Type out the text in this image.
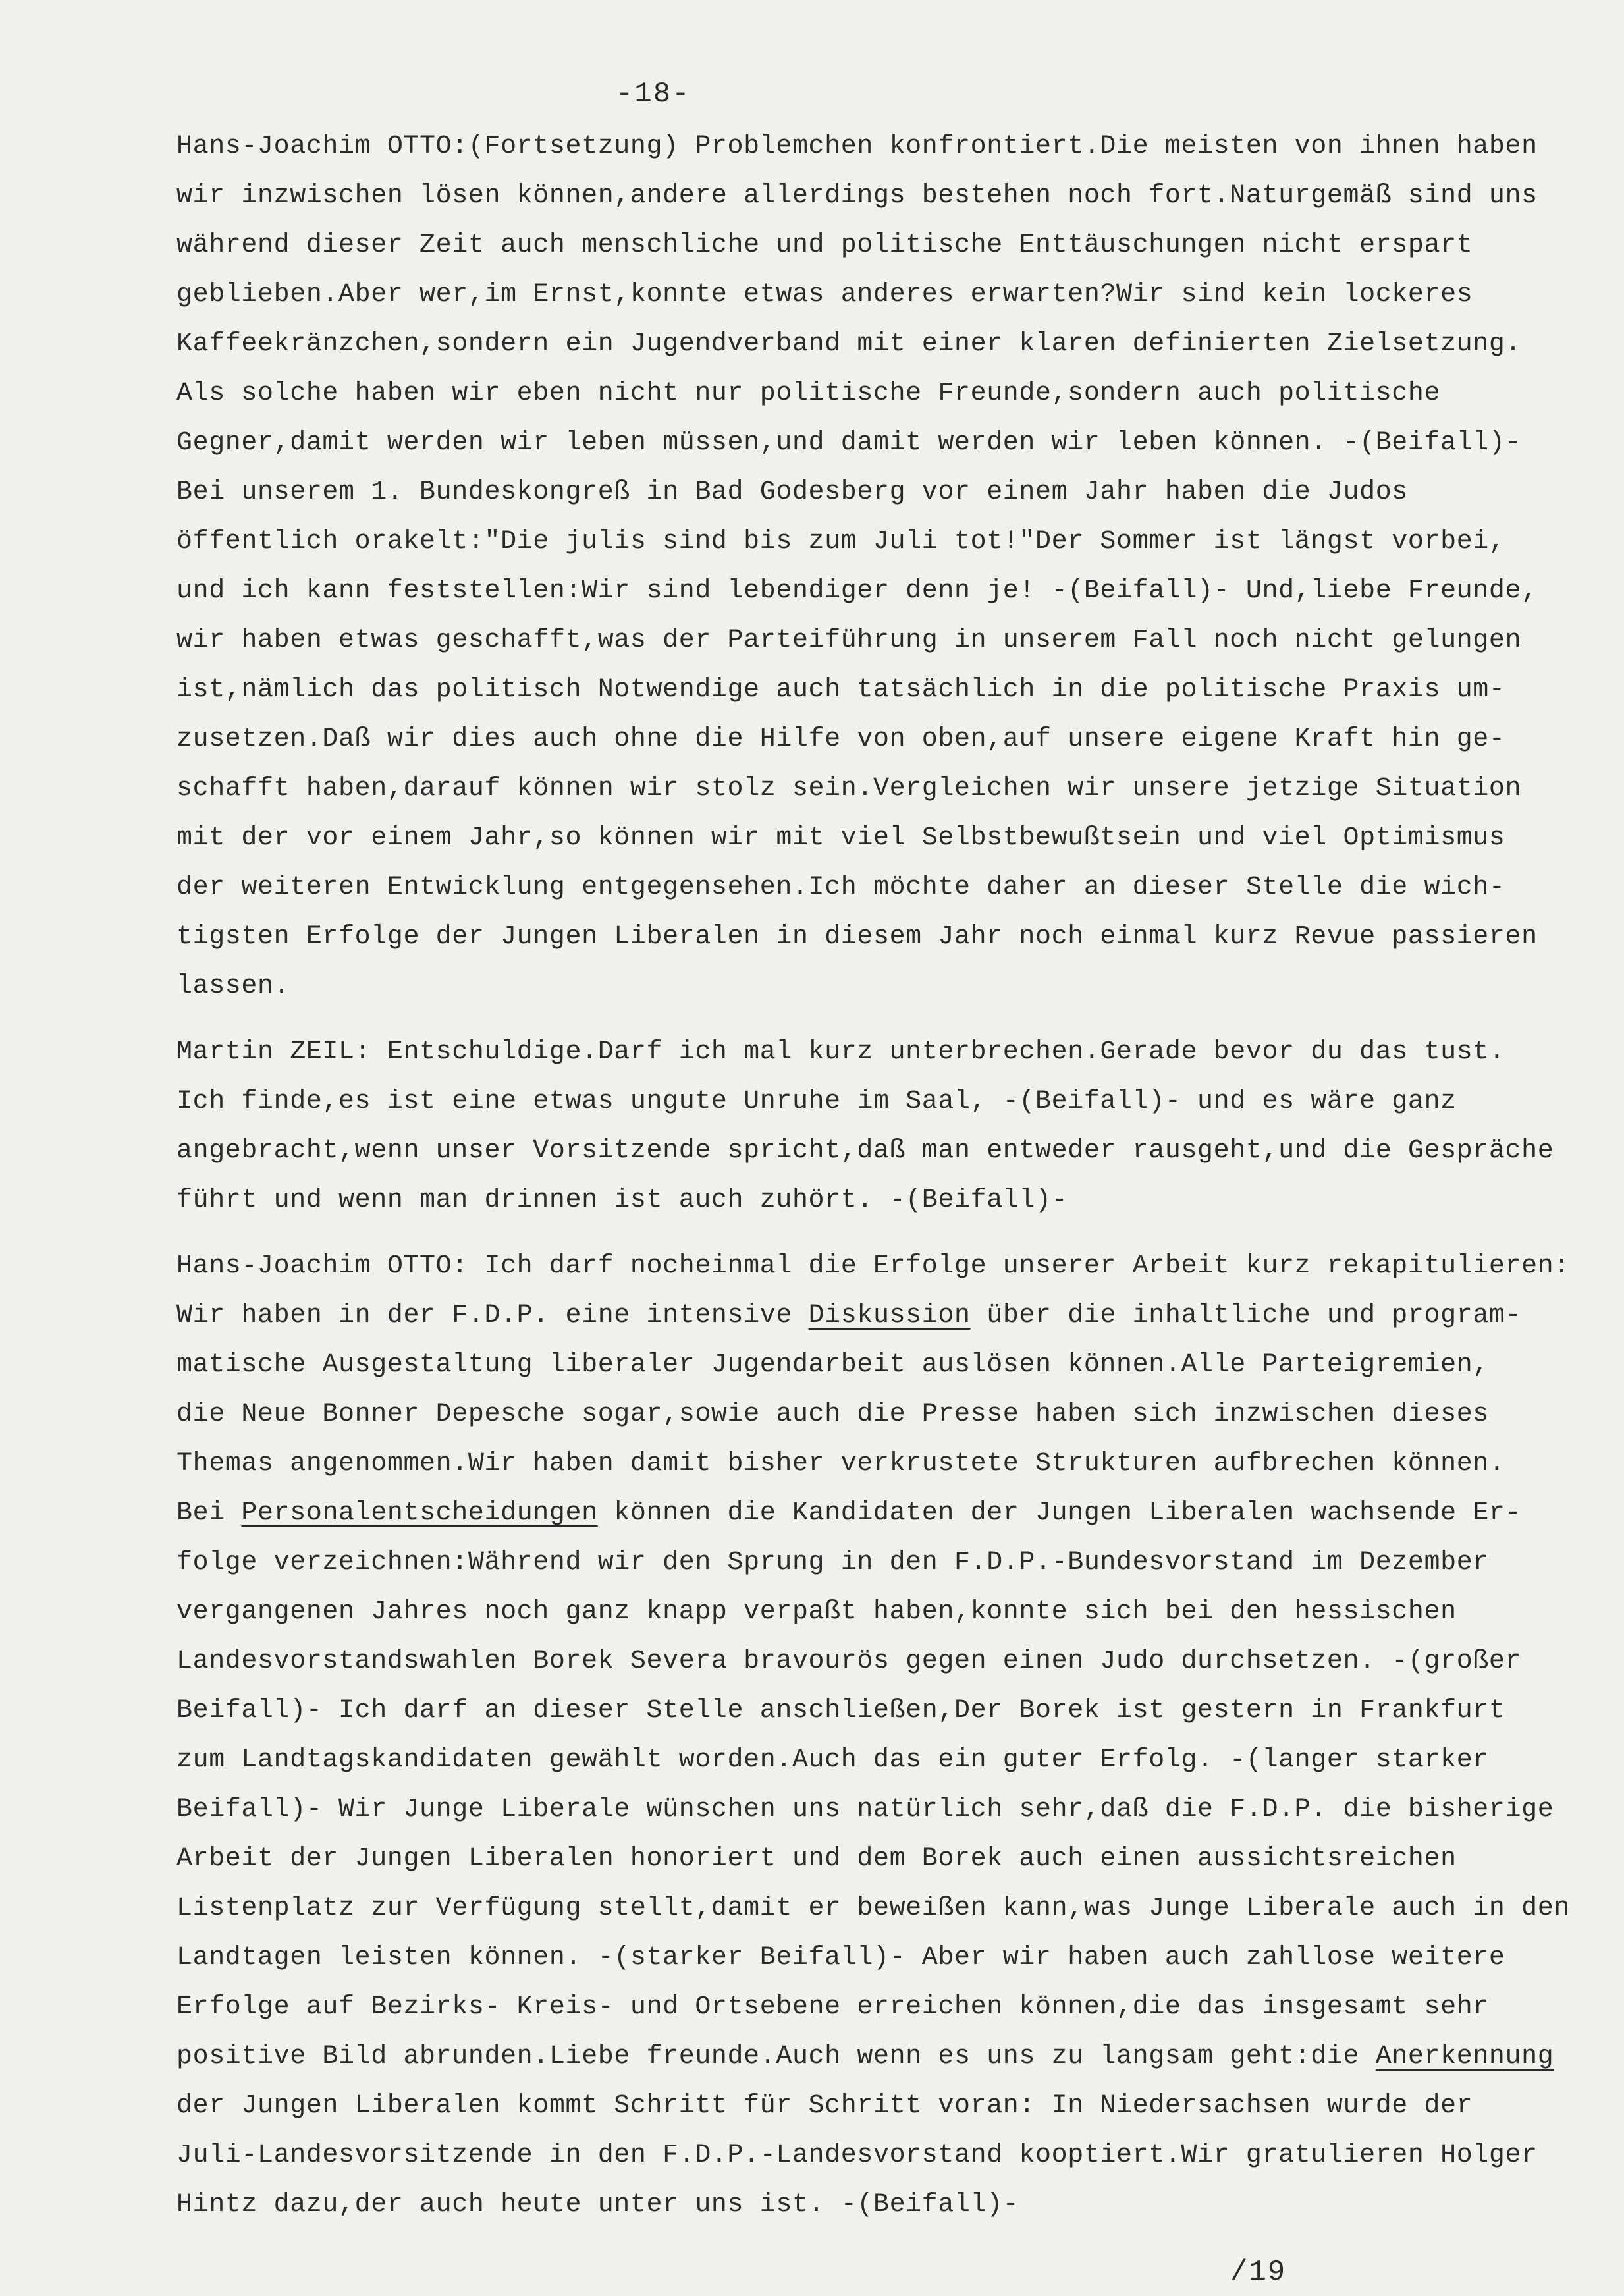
-18-
Hans-Joachim OTTO:(Fortsetzung) Problemchen konfrontiert.Die meisten von ihnen haben
wir inzwischen lösen können,andere allerdings bestehen noch fort.Naturgemäß sind uns
während dieser Zeit auch menschliche und politische Enttäuschungen nicht erspart
geblieben.Aber wer,im Ernst,konnte etwas anderes erwarten?Wir sind kein lockeres
Kaffeekränzchen,sondern ein Jugendverband mit einer klaren definierten Zielsetzung.
Als solche haben wir eben nicht nur politische Freunde,sondern auch politische
Gegner,damit werden wir leben müssen,und damit werden wir leben können. -(Beifall)-
Bei unserem 1. Bundeskongreß in Bad Godesberg vor einem Jahr haben die Judos
öffentlich orakelt:"Die julis sind bis zum Juli tot!"Der Sommer ist längst vorbei,
und ich kann feststellen:Wir sind lebendiger denn je! -(Beifall)- Und,liebe Freunde,
wir haben etwas geschafft,was der Parteiführung in unserem Fall noch nicht gelungen
ist,nämlich das politisch Notwendige auch tatsächlich in die politische Praxis um-
zusetzen.Daß wir dies auch ohne die Hilfe von oben,auf unsere eigene Kraft hin ge-
schafft haben,darauf können wir stolz sein.Vergleichen wir unsere jetzige Situation
mit der vor einem Jahr,so können wir mit viel Selbstbewußtsein und viel Optimismus
der weiteren Entwicklung entgegensehen.Ich möchte daher an dieser Stelle die wich-
tigsten Erfolge der Jungen Liberalen in diesem Jahr noch einmal kurz Revue passieren
lassen.
Martin ZEIL: Entschuldige.Darf ich mal kurz unterbrechen.Gerade bevor du das tust.
Ich finde,es ist eine etwas ungute Unruhe im Saal, -(Beifall)- und es wäre ganz
angebracht,wenn unser Vorsitzende spricht,daß man entweder rausgeht,und die Gespräche
führt und wenn man drinnen ist auch zuhört. -(Beifall)-
Hans-Joachim OTTO: Ich darf nocheinmal die Erfolge unserer Arbeit kurz rekapitulieren:
Wir haben in der F.D.P. eine intensive Diskussion über die inhaltliche und program-
matische Ausgestaltung liberaler Jugendarbeit auslösen können.Alle Parteigremien,
die Neue Bonner Depesche sogar,sowie auch die Presse haben sich inzwischen dieses
Themas angenommen.Wir haben damit bisher verkrustete Strukturen aufbrechen können.
Bei Personalentscheidungen können die Kandidaten der Jungen Liberalen wachsende Er-
folge verzeichnen:Während wir den Sprung in den F.D.P.-Bundesvorstand im Dezember
vergangenen Jahres noch ganz knapp verpaßt haben,konnte sich bei den hessischen
Landesvorstandswahlen Borek Severa bravourös gegen einen Judo durchsetzen. -(großer
Beifall)- Ich darf an dieser Stelle anschließen,Der Borek ist gestern in Frankfurt
zum Landtagskandidaten gewählt worden.Auch das ein guter Erfolg. -(langer starker
Beifall)- Wir Junge Liberale wünschen uns natürlich sehr,daß die F.D.P. die bisherige
Arbeit der Jungen Liberalen honoriert und dem Borek auch einen aussichtsreichen
Listenplatz zur Verfügung stellt,damit er beweißen kann,was Junge Liberale auch in den
Landtagen leisten können. -(starker Beifall)- Aber wir haben auch zahllose weitere
Erfolge auf Bezirks- Kreis- und Ortsebene erreichen können,die das insgesamt sehr
positive Bild abrunden.Liebe freunde.Auch wenn es uns zu langsam geht:die Anerkennung
der Jungen Liberalen kommt Schritt für Schritt voran: In Niedersachsen wurde der
Juli-Landesvorsitzende in den F.D.P.-Landesvorstand kooptiert.Wir gratulieren Holger
Hintz dazu,der auch heute unter uns ist. -(Beifall)-
/19
